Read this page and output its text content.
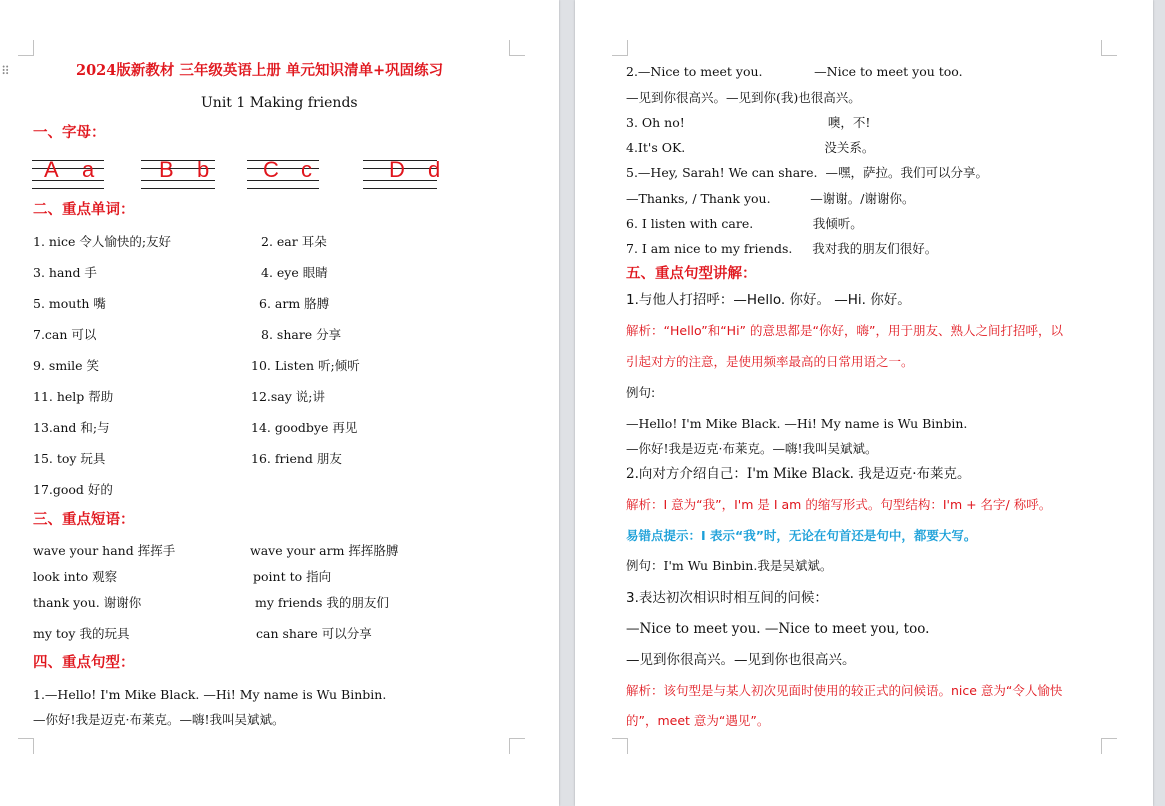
⠿	2024版新教材 三年级英语上册 单元知识清单+巩固练习
Unit 1 Making friends
一、字母：
A a	B b C c	D d
二、重点单词：
1. nice 令人愉快的;友好	2. ear 耳朵
3. hand 手	4. eye 眼睛
5. mouth 嘴	6. arm 胳膊
7.can 可以	8. share 分享
9. smile 笑	10. Listen 听;倾听
11. help 帮助	12.say 说;讲
13.and 和;与	14. goodbye 再见
15. toy 玩具	16. friend 朋友
17.good 好的
三、重点短语：
wave your hand 挥挥手	wave your arm 挥挥胳膊
look into 观察	point to 指向
thank you. 谢谢你	my friends 我的朋友们
my toy 我的玩具	can share 可以分享
四、重点句型：
1.—Hello! I'm Mike Black. —Hi! My name is Wu Binbin.
—你好!我是迈克·布莱克。—嗨!我叫吴斌斌。
2.—Nice to meet you.             —Nice to meet you too.
—见到你很高兴。—见到你(我)也很高兴。
3. Oh no!                                    噢，不!
4.It's OK.                                   没关系。
5.—Hey, Sarah! We can share.  —嘿，萨拉。我们可以分享。
—Thanks, / Thank you.          —谢谢。/谢谢你。
6. I listen with care.               我倾听。
7. I am nice to my friends.     我对我的朋友们很好。
五、重点句型讲解：
1.与他人打招呼：—Hello. 你好。 —Hi. 你好。
解析：“Hello”和“Hi” 的意思都是“你好，嗨”，用于朋友、熟人之间打招呼，以
引起对方的注意，是使用频率最高的日常用语之一。
例句:
—Hello! I'm Mike Black. —Hi! My name is Wu Binbin.
—你好!我是迈克·布莱克。—嗨!我叫吴斌斌。
2.向对方介绍自己：I'm Mike Black. 我是迈克·布莱克。
解析：I 意为“我”，I'm 是 I am 的缩写形式。句型结构：I'm + 名字/ 称呼。
易错点提示：I 表示“我”时，无论在句首还是句中，都要大写。
例句：I'm Wu Binbin.我是吴斌斌。
3.表达初次相识时相互间的问候：
—Nice to meet you. —Nice to meet you, too.
—见到你很高兴。—见到你也很高兴。
解析：该句型是与某人初次见面时使用的较正式的问候语。nice 意为“令人愉快
的”，meet 意为“遇见”。
